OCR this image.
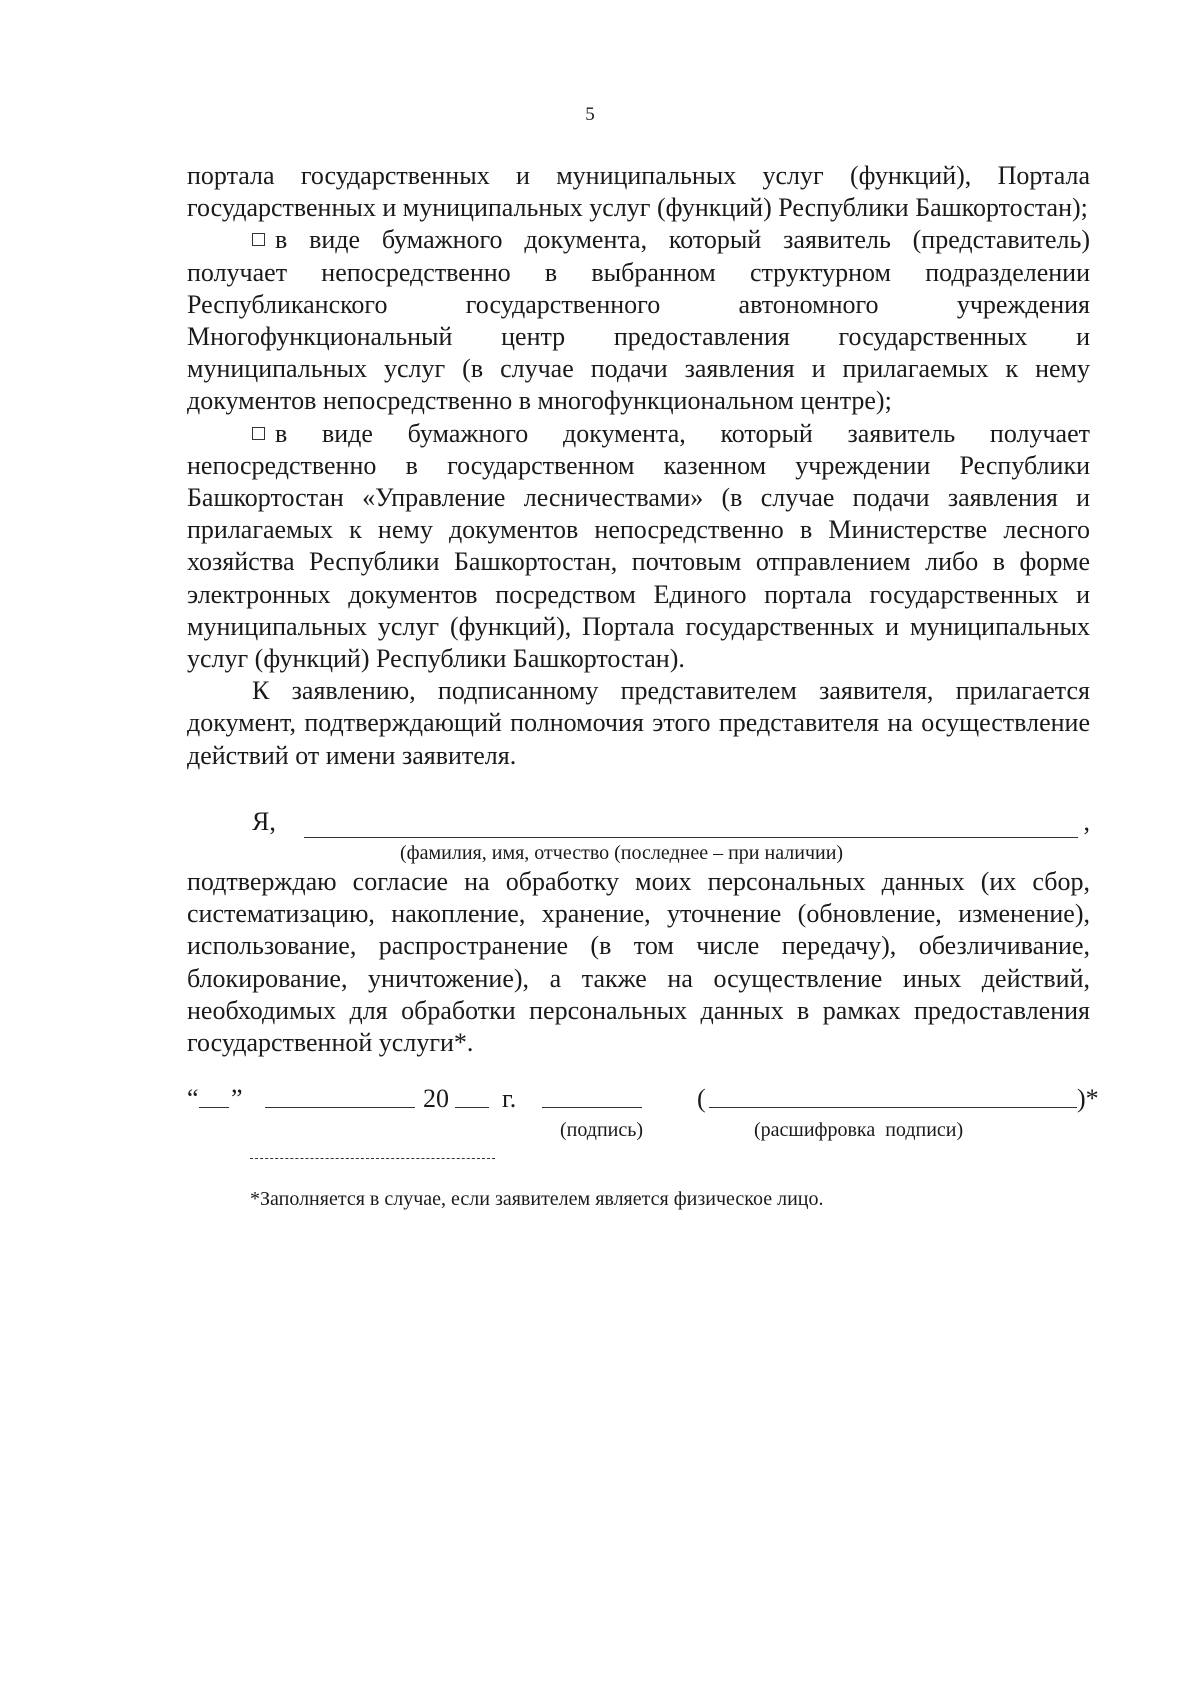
5

портала государственных и муниципальных услуг (функций), Портала государственных и муниципальных услуг (функций) Республики Башкортостан);

в виде бумажного документа, который заявитель (представитель) получает непосредственно в выбранном структурном подразделении Республиканского государственного автономного учреждения Многофункциональный центр предоставления государственных и муниципальных услуг (в случае подачи заявления и прилагаемых к нему документов непосредственно в многофункциональном центре);

в виде бумажного документа, который заявитель получает непосредственно в государственном казенном учреждении Республики Башкортостан «Управление лесничествами» (в случае подачи заявления и прилагаемых к нему документов непосредственно в Министерстве лесного хозяйства Республики Башкортостан, почтовым отправлением либо в форме электронных документов посредством Единого портала государственных и муниципальных услуг (функций), Портала государственных и муниципальных услуг (функций) Республики Башкортостан).

К заявлению, подписанному представителем заявителя, прилагается документ, подтверждающий полномочия этого представителя на осуществление действий от имени заявителя.

Я,	,
(фамилия, имя, отчество (последнее – при наличии)

подтверждаю согласие на обработку моих персональных данных (их сбор, систематизацию, накопление, хранение, уточнение (обновление, изменение), использование, распространение (в том числе передачу), обезличивание, блокирование, уничтожение), а также на осуществление иных действий, необходимых для обработки персональных данных в рамках предоставления государственной услуги*.

“ ”	20 г.	(	)*
(подпись)	(расшифровка  подписи)
*Заполняется в случае, если заявителем является физическое лицо.
